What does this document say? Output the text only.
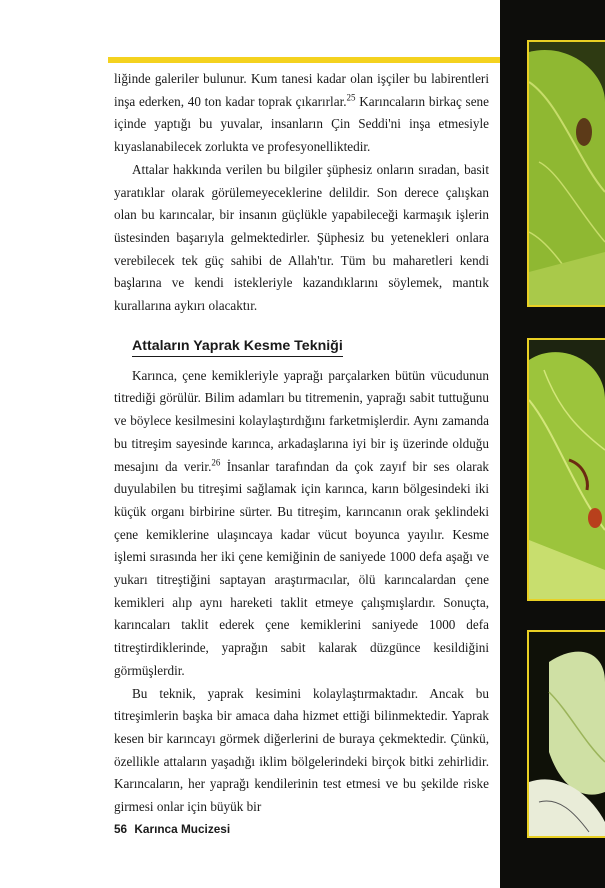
liğinde galeriler bulunur. Kum tanesi kadar olan işçiler bu labirentleri inşa ederken, 40 ton kadar toprak çıkarırlar.$^{25}$ Karıncaların birkaç sene içinde yaptığı bu yuvalar, insanların Çin Seddi'ni inşa etmesiyle kıyaslanabilecek zorlukta ve profesyonelliktedir.

Attalar hakkında verilen bu bilgiler şüphesiz onların sıradan, basit yaratıklar olarak görülemeyeceklerine delildir. Son derece çalışkan olan bu karıncalar, bir insanın güçlükle yapabileceği karmaşık işlerin üstesinden başarıyla gelmektedirler. Şüphesiz bu yetenekleri onlara verebilecek tek güç sahibi de Allah'tır. Tüm bu maharetleri kendi başlarına ve kendi istekleriyle kazandıklarını söylemek, mantık kurallarına aykırı olacaktır.

Attaların Yaprak Kesme Tekniği

Karınca, çene kemikleriyle yaprağı parçalarken bütün vücudunun titrediği görülür. Bilim adamları bu titremenin, yaprağı sabit tuttuğunu ve böylece kesilmesini kolaylaştırdığını farketmişlerdir. Aynı zamanda bu titreşim sayesinde karınca, arkadaşlarına iyi bir iş üzerinde olduğu mesajını da verir.$^{26}$ İnsanlar tarafından da çok zayıf bir ses olarak duyulabilen bu titreşimi sağlamak için karınca, karın bölgesindeki iki küçük organı birbirine sürter. Bu titreşim, karıncanın orak şeklindeki çene kemiklerine ulaşıncaya kadar vücut boyunca yayılır. Kesme işlemi sırasında her iki çene kemiğinin de saniyede 1000 defa aşağı ve yukarı titreştiğini saptayan araştırmacılar, ölü karıncalardan çene kemikleri alıp aynı hareketi taklit etmeye çalışmışlardır. Sonuçta, karıncaları taklit ederek çene kemiklerini saniyede 1000 defa titreştirdiklerinde, yaprağın sabit kalarak düzgünce kesildiğini görmüşlerdir.

Bu teknik, yaprak kesimini kolaylaştırmaktadır. Ancak bu titreşimlerin başka bir amaca daha hizmet ettiği bilinmektedir. Yaprak kesen bir karıncayı görmek diğerlerini de buraya çekmektedir. Çünkü, özellikle attaların yaşadığı iklim bölgelerindeki birçok bitki zehirlidir. Karıncaların, her yaprağı kendilerinin test etmesi ve bu şekilde riske girmesi onlar için büyük bir

56 Karınca Mucizesi
